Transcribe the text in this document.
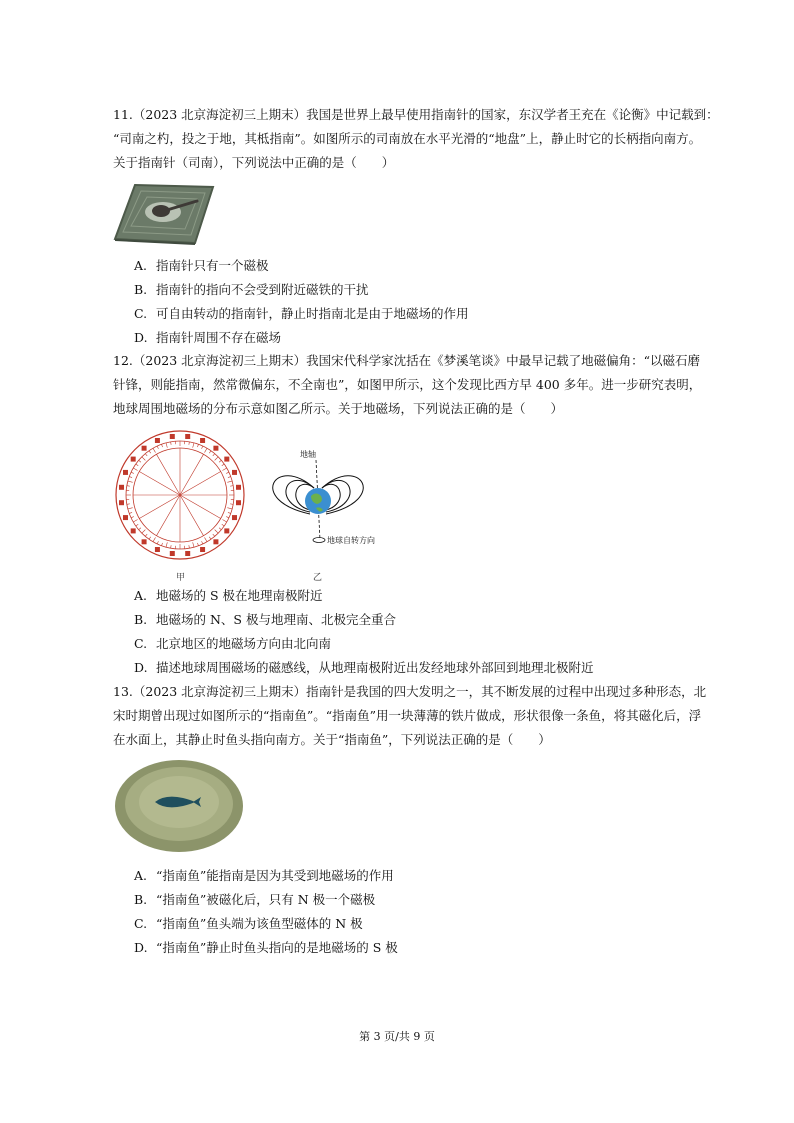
11.（2023 北京海淀初三上期末）我国是世界上最早使用指南针的国家，东汉学者王充在《论衡》中记载到：
“司南之杓，投之于地，其柢指南”。如图所示的司南放在水平光滑的“地盘”上，静止时它的长柄指向南方。
关于指南针（司南），下列说法中正确的是（　　）
A. 指南针只有一个磁极
B. 指南针的指向不会受到附近磁铁的干扰
C. 可自由转动的指南针，静止时指南北是由于地磁场的作用
D. 指南针周围不存在磁场
12.（2023 北京海淀初三上期末）我国宋代科学家沈括在《梦溪笔谈》中最早记载了地磁偏角：“以磁石磨
针锋，则能指南，然常微偏东，不全南也”，如图甲所示，这个发现比西方早 400 多年。进一步研究表明，
地球周围地磁场的分布示意如图乙所示。关于地磁场，下列说法正确的是（　　）
甲
地轴
地球自转方向
乙
A. 地磁场的 S 极在地理南极附近
B. 地磁场的 N、S 极与地理南、北极完全重合
C. 北京地区的地磁场方向由北向南
D. 描述地球周围磁场的磁感线，从地理南极附近出发经地球外部回到地理北极附近
13.（2023 北京海淀初三上期末）指南针是我国的四大发明之一，其不断发展的过程中出现过多种形态，北
宋时期曾出现过如图所示的“指南鱼”。“指南鱼”用一块薄薄的铁片做成，形状很像一条鱼，将其磁化后，浮
在水面上，其静止时鱼头指向南方。关于“指南鱼”，下列说法正确的是（　　）
A. “指南鱼”能指南是因为其受到地磁场的作用
B. “指南鱼”被磁化后，只有 N 极一个磁极
C. “指南鱼”鱼头端为该鱼型磁体的 N 极
D. “指南鱼”静止时鱼头指向的是地磁场的 S 极
第 3 页/共 9 页
